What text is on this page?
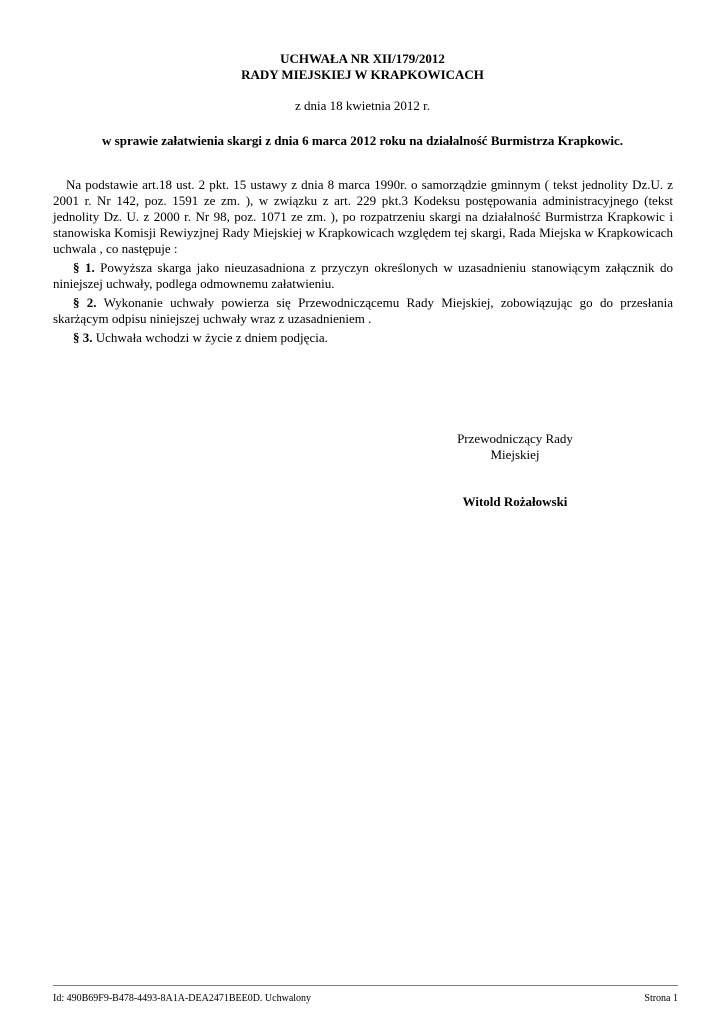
UCHWAŁA NR XII/179/2012
RADY MIEJSKIEJ W KRAPKOWICACH
z dnia 18 kwietnia 2012 r.
w sprawie załatwienia skargi z dnia 6 marca 2012 roku na działalność Burmistrza Krapkowic.

Na podstawie art.18 ust. 2 pkt. 15 ustawy z dnia 8 marca 1990r. o samorządzie gminnym ( tekst jednolity Dz.U. z 2001 r. Nr 142, poz. 1591 ze zm. ), w związku z art. 229 pkt.3 Kodeksu postępowania administracyjnego (tekst jednolity Dz. U. z 2000 r. Nr 98, poz. 1071 ze zm. ), po rozpatrzeniu skargi na działalność Burmistrza Krapkowic i stanowiska Komisji Rewiyzjnej Rady Miejskiej w Krapkowicach względem tej skargi, Rada Miejska w Krapkowicach uchwala , co następuje :

§ 1. Powyższa skarga jako nieuzasadniona z przyczyn określonych w uzasadnieniu stanowiącym załącznik do niniejszej uchwały, podlega odmownemu załatwieniu.

§ 2. Wykonanie uchwały powierza się Przewodniczącemu Rady Miejskiej, zobowiązując go do przesłania skarżącym odpisu niniejszej uchwały wraz z uzasadnieniem .

§ 3. Uchwała wchodzi w życie z dniem podjęcia.

Przewodniczący Rady
Miejskiej
Witold Rożałowski
Id: 490B69F9-B478-4493-8A1A-DEA2471BEE0D. Uchwalony	Strona 1
